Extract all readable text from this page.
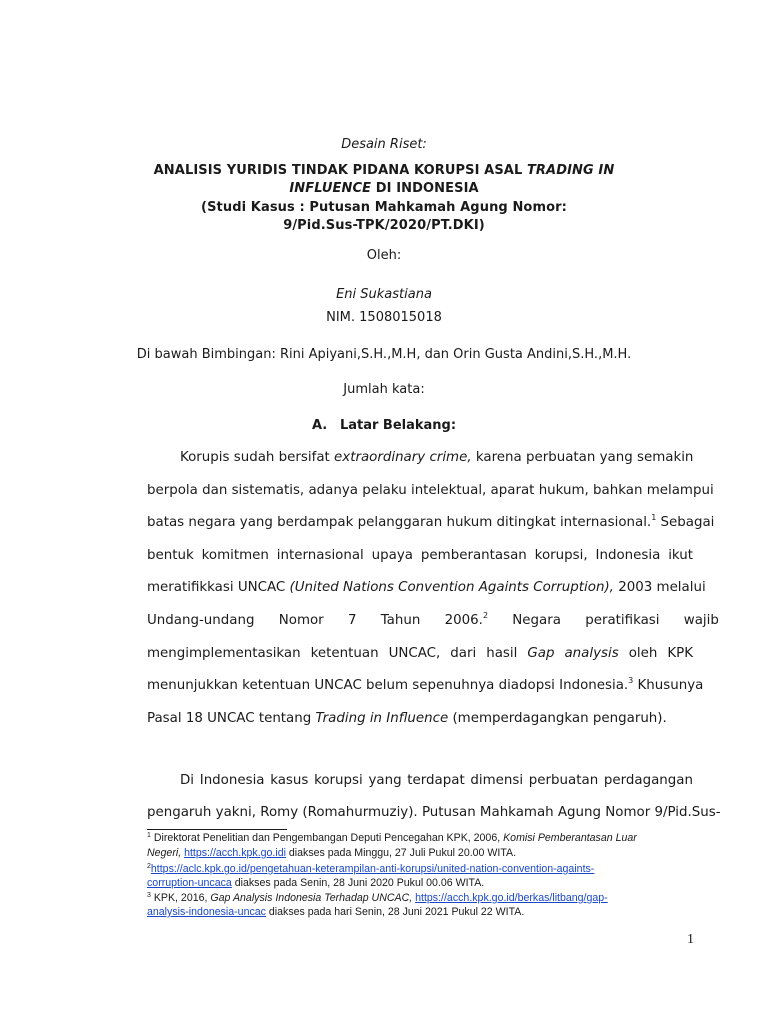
Desain Riset:
ANALISIS YURIDIS TINDAK PIDANA KORUPSI ASAL TRADING IN
INFLUENCE DI INDONESIA
(Studi Kasus : Putusan Mahkamah Agung Nomor:
9/Pid.Sus-TPK/2020/PT.DKI)
Oleh:
Eni Sukastiana
NIM. 1508015018
Di bawah Bimbingan: Rini Apiyani,S.H.,M.H, dan Orin Gusta Andini,S.H.,M.H.
Jumlah kata:
A. Latar Belakang:
Korupis sudah bersifat extraordinary crime, karena perbuatan yang semakin
berpola dan sistematis, adanya pelaku intelektual, aparat hukum, bahkan melampui
batas negara yang berdampak pelanggaran hukum ditingkat internasional.$^1$ Sebagai
bentuk komitmen internasional upaya pemberantasan korupsi, Indonesia ikut
meratifikkasi UNCAC (United Nations Convention Againts Corruption), 2003 melalui
Undang-undang Nomor 7 Tahun 2006.$^2$ Negara peratifikasi wajib
mengimplementasikan ketentuan UNCAC, dari hasil Gap analysis oleh KPK
menunjukkan ketentuan UNCAC belum sepenuhnya diadopsi Indonesia.$^3$ Khusunya
Pasal 18 UNCAC tentang Trading in Influence (memperdagangkan pengaruh).
Di Indonesia kasus korupsi yang terdapat dimensi perbuatan perdagangan
pengaruh yakni, Romy (Romahurmuziy). Putusan Mahkamah Agung Nomor 9/Pid.Sus-
$^1$ Direktorat Penelitian dan Pengembangan Deputi Pencegahan KPK, 2006, Komisi Pemberantasan Luar
Negeri, https://acch.kpk.go.idi diakses pada Minggu, 27 Juli Pukul 20.00 WITA.
$^2$https://aclc.kpk.go.id/pengetahuan-keterampilan-anti-korupsi/united-nation-convention-againts-
corruption-uncaca diakses pada Senin, 28 Juni 2020 Pukul 00.06 WITA.
$^3$ KPK, 2016, Gap Analysis Indonesia Terhadap UNCAC, https://acch.kpk.go.id/berkas/litbang/gap-
analysis-indonesia-uncac diakses pada hari Senin, 28 Juni 2021 Pukul 22 WITA.
1
